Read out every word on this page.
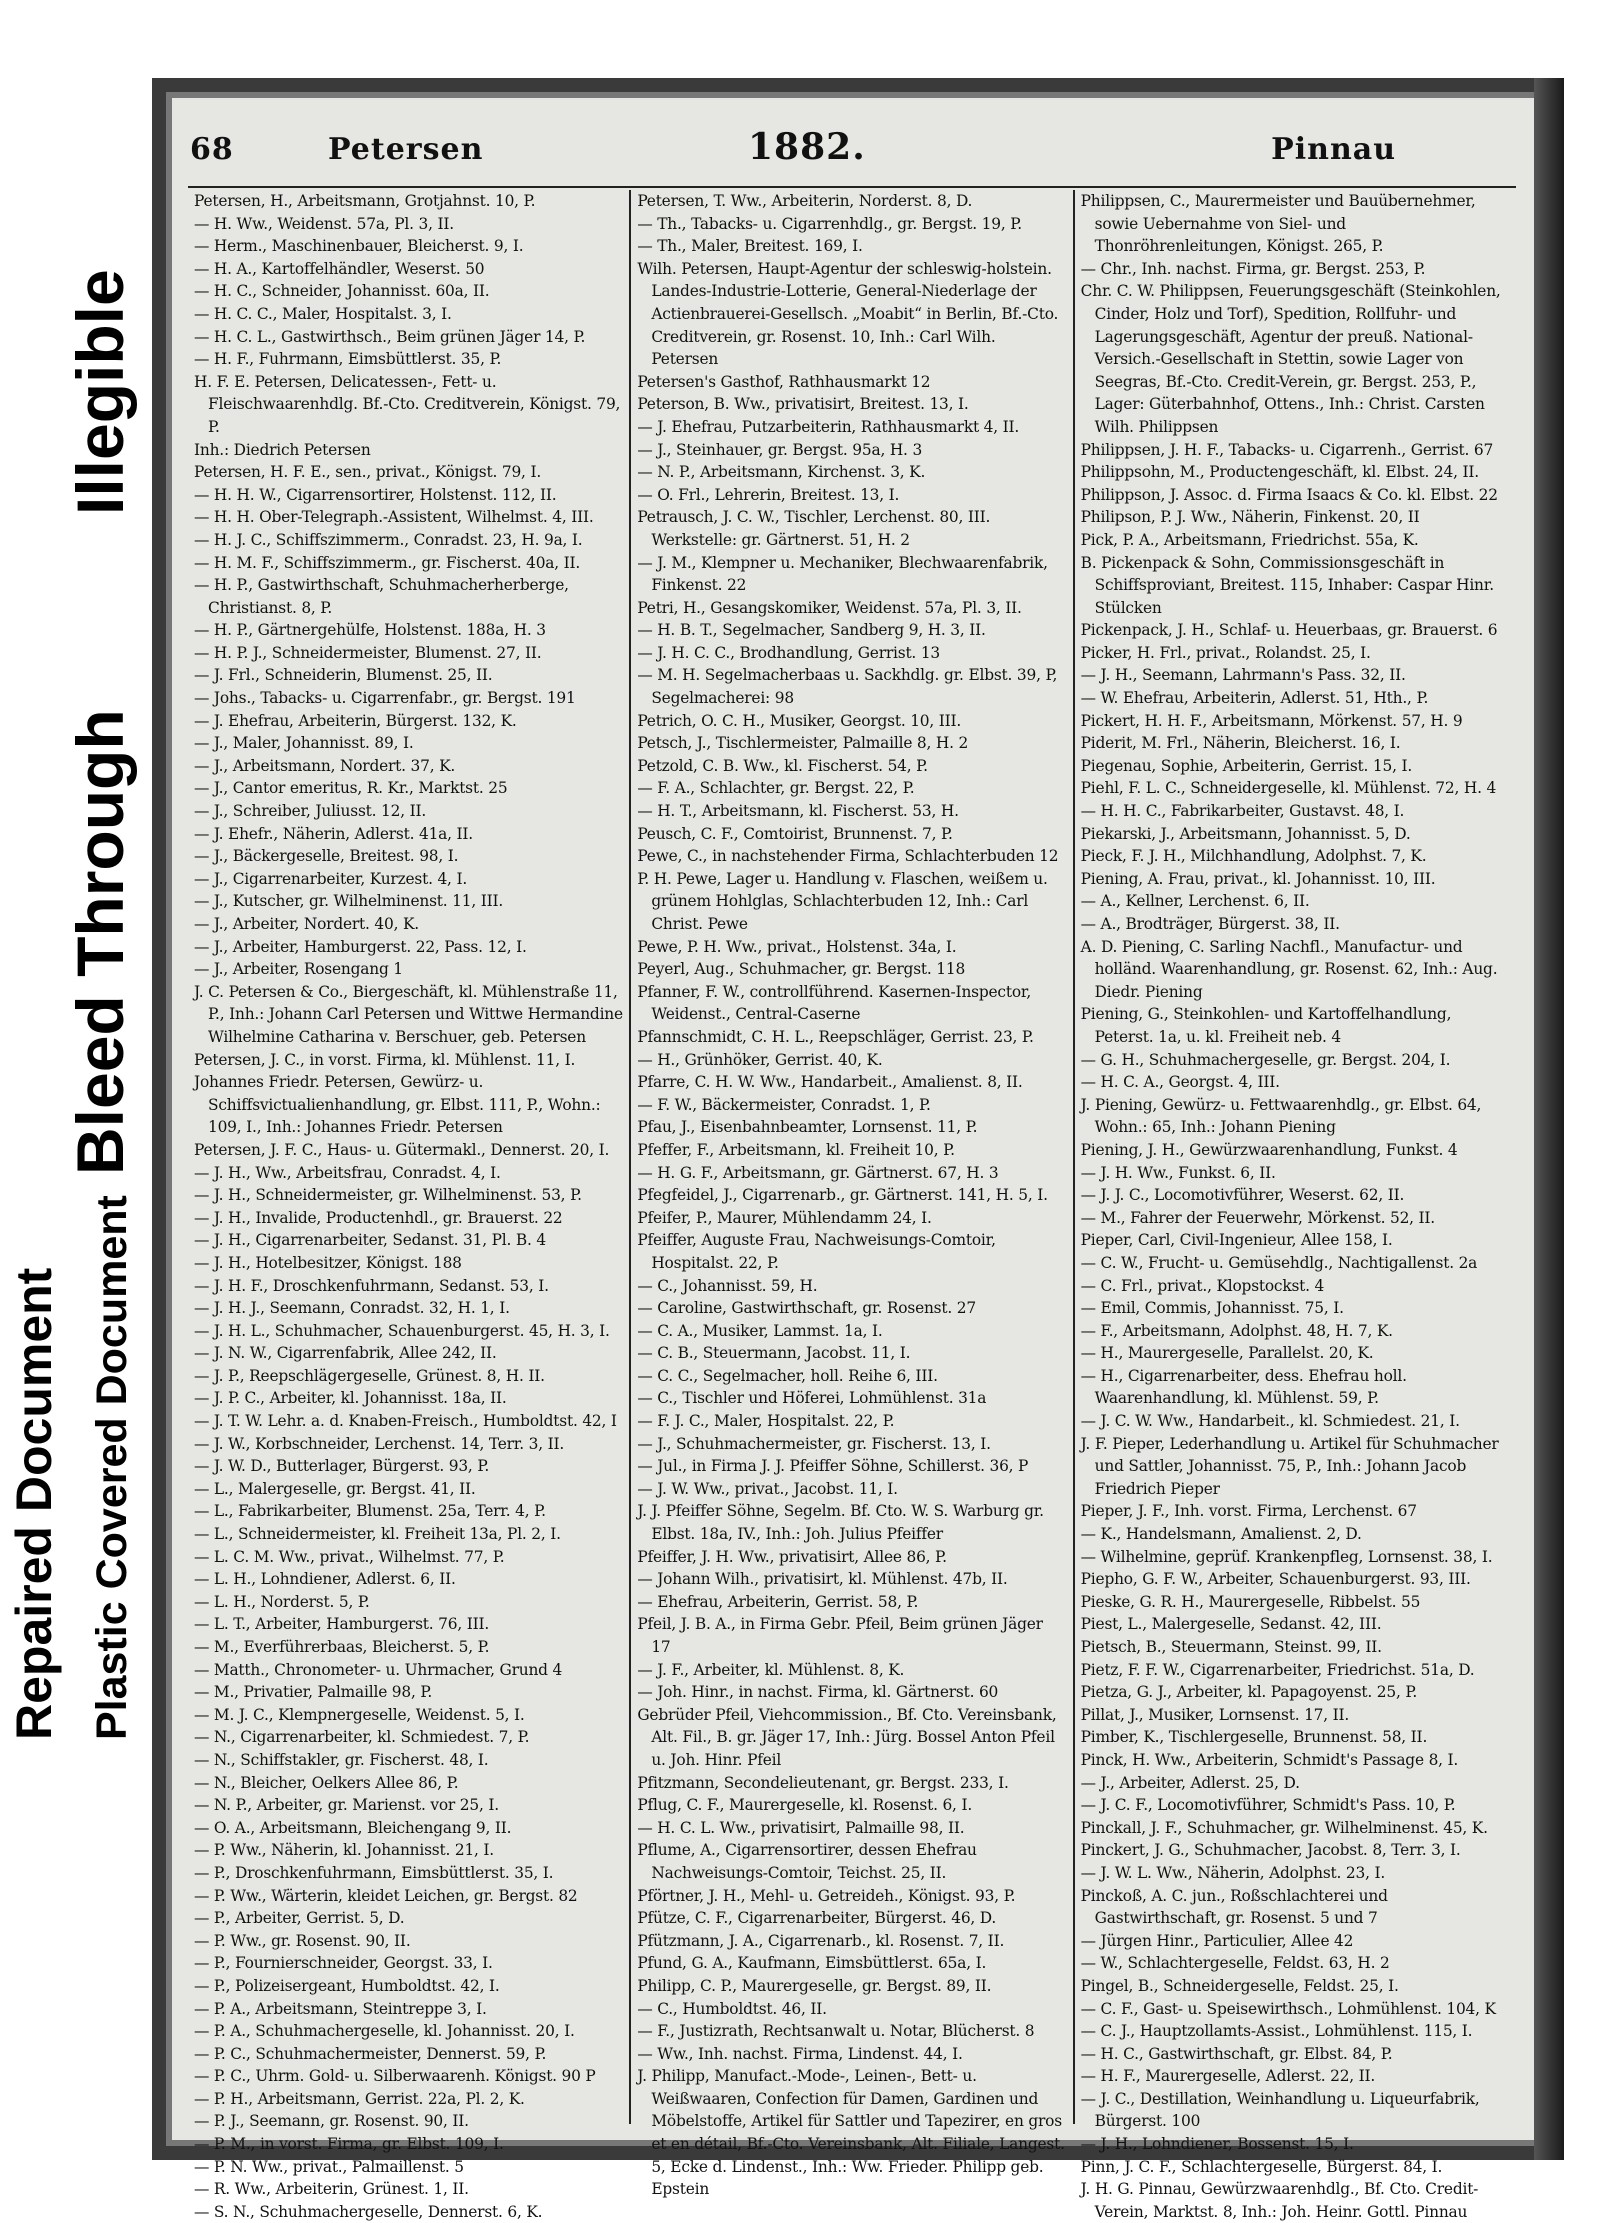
Bleed Through
Repaired Document Plastic Covered Document
Illegible
68	Petersen	1882.	Pinnau

Petersen, H., Arbeitsmann, Grotjahnst. 10, P.

— H. Ww., Weidenst. 57a, Pl. 3, II.

— Herm., Maschinenbauer, Bleicherst. 9, I.

— H. A., Kartoffelhändler, Weserst. 50

— H. C., Schneider, Johannisst. 60a, II.

— H. C. C., Maler, Hospitalst. 3, I.

— H. C. L., Gastwirthsch., Beim grünen Jäger 14, P.

— H. F., Fuhrmann, Eimsbüttlerst. 35, P.

H. F. E. Petersen, Delicatessen-, Fett- u. Fleischwaarenhdlg. Bf.-Cto. Creditverein, Königst. 79, P.

Inh.: Diedrich Petersen

Petersen, H. F. E., sen., privat., Königst. 79, I.

— H. H. W., Cigarrensortirer, Holstenst. 112, II.

— H. H. Ober-Telegraph.-Assistent, Wilhelmst. 4, III.

— H. J. C., Schiffszimmerm., Conradst. 23, H. 9a, I.

— H. M. F., Schiffszimmerm., gr. Fischerst. 40a, II.

— H. P., Gastwirthschaft, Schuhmacherherberge, Christianst. 8, P.

— H. P., Gärtnergehülfe, Holstenst. 188a, H. 3

— H. P. J., Schneidermeister, Blumenst. 27, II.

— J. Frl., Schneiderin, Blumenst. 25, II.

— Johs., Tabacks- u. Cigarrenfabr., gr. Bergst. 191

— J. Ehefrau, Arbeiterin, Bürgerst. 132, K.

— J., Maler, Johannisst. 89, I.

— J., Arbeitsmann, Nordert. 37, K.

— J., Cantor emeritus, R. Kr., Marktst. 25

— J., Schreiber, Juliusst. 12, II.

— J. Ehefr., Näherin, Adlerst. 41a, II.

— J., Bäckergeselle, Breitest. 98, I.

— J., Cigarrenarbeiter, Kurzest. 4, I.

— J., Kutscher, gr. Wilhelminenst. 11, III.

— J., Arbeiter, Nordert. 40, K.

— J., Arbeiter, Hamburgerst. 22, Pass. 12, I.

— J., Arbeiter, Rosengang 1

J. C. Petersen & Co., Biergeschäft, kl. Mühlenstraße 11, P., Inh.: Johann Carl Petersen und Wittwe Hermandine Wilhelmine Catharina v. Berschuer, geb. Petersen

Petersen, J. C., in vorst. Firma, kl. Mühlenst. 11, I.

Johannes Friedr. Petersen, Gewürz- u. Schiffsvictualienhandlung, gr. Elbst. 111, P., Wohn.: 109, I., Inh.: Johannes Friedr. Petersen

Petersen, J. F. C., Haus- u. Gütermakl., Dennerst. 20, I.

— J. H., Ww., Arbeitsfrau, Conradst. 4, I.

— J. H., Schneidermeister, gr. Wilhelminenst. 53, P.

— J. H., Invalide, Productenhdl., gr. Brauerst. 22

— J. H., Cigarrenarbeiter, Sedanst. 31, Pl. B. 4

— J. H., Hotelbesitzer, Königst. 188

— J. H. F., Droschkenfuhrmann, Sedanst. 53, I.

— J. H. J., Seemann, Conradst. 32, H. 1, I.

— J. H. L., Schuhmacher, Schauenburgerst. 45, H. 3, I.

— J. N. W., Cigarrenfabrik, Allee 242, II.

— J. P., Reepschlägergeselle, Grünest. 8, H. II.

— J. P. C., Arbeiter, kl. Johannisst. 18a, II.

— J. T. W. Lehr. a. d. Knaben-Freisch., Humboldtst. 42, I

— J. W., Korbschneider, Lerchenst. 14, Terr. 3, II.

— J. W. D., Butterlager, Bürgerst. 93, P.

— L., Malergeselle, gr. Bergst. 41, II.

— L., Fabrikarbeiter, Blumenst. 25a, Terr. 4, P.

— L., Schneidermeister, kl. Freiheit 13a, Pl. 2, I.

— L. C. M. Ww., privat., Wilhelmst. 77, P.

— L. H., Lohndiener, Adlerst. 6, II.

— L. H., Norderst. 5, P.

— L. T., Arbeiter, Hamburgerst. 76, III.

— M., Everführerbaas, Bleicherst. 5, P.

— Matth., Chronometer- u. Uhrmacher, Grund 4

— M., Privatier, Palmaille 98, P.

— M. J. C., Klempnergeselle, Weidenst. 5, I.

— N., Cigarrenarbeiter, kl. Schmiedest. 7, P.

— N., Schiffstakler, gr. Fischerst. 48, I.

— N., Bleicher, Oelkers Allee 86, P.

— N. P., Arbeiter, gr. Marienst. vor 25, I.

— O. A., Arbeitsmann, Bleichengang 9, II.

— P. Ww., Näherin, kl. Johannisst. 21, I.

— P., Droschkenfuhrmann, Eimsbüttlerst. 35, I.

— P. Ww., Wärterin, kleidet Leichen, gr. Bergst. 82

— P., Arbeiter, Gerrist. 5, D.

— P. Ww., gr. Rosenst. 90, II.

— P., Fournierschneider, Georgst. 33, I.

— P., Polizeisergeant, Humboldtst. 42, I.

— P. A., Arbeitsmann, Steintreppe 3, I.

— P. A., Schuhmachergeselle, kl. Johannisst. 20, I.

— P. C., Schuhmachermeister, Dennerst. 59, P.

— P. C., Uhrm. Gold- u. Silberwaarenh. Königst. 90 P

— P. H., Arbeitsmann, Gerrist. 22a, Pl. 2, K.

— P. J., Seemann, gr. Rosenst. 90, II.

— P. M., in vorst. Firma, gr. Elbst. 109, I.

— P. N. Ww., privat., Palmaillenst. 5

— R. Ww., Arbeiterin, Grünest. 1, II.

— S. N., Schuhmachergeselle, Dennerst. 6, K.

Petersen, T. Ww., Arbeiterin, Norderst. 8, D.

— Th., Tabacks- u. Cigarrenhdlg., gr. Bergst. 19, P.

— Th., Maler, Breitest. 169, I.

Wilh. Petersen, Haupt-Agentur der schleswig-holstein. Landes-Industrie-Lotterie, General-Niederlage der Actienbrauerei-Gesellsch. „Moabit“ in Berlin, Bf.-Cto. Creditverein, gr. Rosenst. 10, Inh.: Carl Wilh. Petersen

Petersen's Gasthof, Rathhausmarkt 12

Peterson, B. Ww., privatisirt, Breitest. 13, I.

— J. Ehefrau, Putzarbeiterin, Rathhausmarkt 4, II.

— J., Steinhauer, gr. Bergst. 95a, H. 3

— N. P., Arbeitsmann, Kirchenst. 3, K.

— O. Frl., Lehrerin, Breitest. 13, I.

Petrausch, J. C. W., Tischler, Lerchenst. 80, III. Werkstelle: gr. Gärtnerst. 51, H. 2

— J. M., Klempner u. Mechaniker, Blechwaarenfabrik, Finkenst. 22

Petri, H., Gesangskomiker, Weidenst. 57a, Pl. 3, II.

— H. B. T., Segelmacher, Sandberg 9, H. 3, II.

— J. H. C. C., Brodhandlung, Gerrist. 13

— M. H. Segelmacherbaas u. Sackhdlg. gr. Elbst. 39, P, Segelmacherei: 98

Petrich, O. C. H., Musiker, Georgst. 10, III.

Petsch, J., Tischlermeister, Palmaille 8, H. 2

Petzold, C. B. Ww., kl. Fischerst. 54, P.

— F. A., Schlachter, gr. Bergst. 22, P.

— H. T., Arbeitsmann, kl. Fischerst. 53, H.

Peusch, C. F., Comtoirist, Brunnenst. 7, P.

Pewe, C., in nachstehender Firma, Schlachterbuden 12

P. H. Pewe, Lager u. Handlung v. Flaschen, weißem u. grünem Hohlglas, Schlachterbuden 12, Inh.: Carl Christ. Pewe

Pewe, P. H. Ww., privat., Holstenst. 34a, I.

Peyerl, Aug., Schuhmacher, gr. Bergst. 118

Pfanner, F. W., controllführend. Kasernen-Inspector, Weidenst., Central-Caserne

Pfannschmidt, C. H. L., Reepschläger, Gerrist. 23, P.

— H., Grünhöker, Gerrist. 40, K.

Pfarre, C. H. W. Ww., Handarbeit., Amalienst. 8, II.

— F. W., Bäckermeister, Conradst. 1, P.

Pfau, J., Eisenbahnbeamter, Lornsenst. 11, P.

Pfeffer, F., Arbeitsmann, kl. Freiheit 10, P.

— H. G. F., Arbeitsmann, gr. Gärtnerst. 67, H. 3

Pfegfeidel, J., Cigarrenarb., gr. Gärtnerst. 141, H. 5, I.

Pfeifer, P., Maurer, Mühlendamm 24, I.

Pfeiffer, Auguste Frau, Nachweisungs-Comtoir, Hospitalst. 22, P.

— C., Johannisst. 59, H.

— Caroline, Gastwirthschaft, gr. Rosenst. 27

— C. A., Musiker, Lammst. 1a, I.

— C. B., Steuermann, Jacobst. 11, I.

— C. C., Segelmacher, holl. Reihe 6, III.

— C., Tischler und Höferei, Lohmühlenst. 31a

— F. J. C., Maler, Hospitalst. 22, P.

— J., Schuhmachermeister, gr. Fischerst. 13, I.

— Jul., in Firma J. J. Pfeiffer Söhne, Schillerst. 36, P

— J. W. Ww., privat., Jacobst. 11, I.

J. J. Pfeiffer Söhne, Segelm. Bf. Cto. W. S. Warburg gr. Elbst. 18a, IV., Inh.: Joh. Julius Pfeiffer

Pfeiffer, J. H. Ww., privatisirt, Allee 86, P.

— Johann Wilh., privatisirt, kl. Mühlenst. 47b, II.

— Ehefrau, Arbeiterin, Gerrist. 58, P.

Pfeil, J. B. A., in Firma Gebr. Pfeil, Beim grünen Jäger 17

— J. F., Arbeiter, kl. Mühlenst. 8, K.

— Joh. Hinr., in nachst. Firma, kl. Gärtnerst. 60

Gebrüder Pfeil, Viehcommission., Bf. Cto. Vereinsbank, Alt. Fil., B. gr. Jäger 17, Inh.: Jürg. Bossel Anton Pfeil u. Joh. Hinr. Pfeil

Pfitzmann, Secondelieutenant, gr. Bergst. 233, I.

Pflug, C. F., Maurergeselle, kl. Rosenst. 6, I.

— H. C. L. Ww., privatisirt, Palmaille 98, II.

Pflume, A., Cigarrensortirer, dessen Ehefrau Nachweisungs-Comtoir, Teichst. 25, II.

Pförtner, J. H., Mehl- u. Getreideh., Königst. 93, P.

Pfütze, C. F., Cigarrenarbeiter, Bürgerst. 46, D.

Pfützmann, J. A., Cigarrenarb., kl. Rosenst. 7, II.

Pfund, G. A., Kaufmann, Eimsbüttlerst. 65a, I.

Philipp, C. P., Maurergeselle, gr. Bergst. 89, II.

— C., Humboldtst. 46, II.

— F., Justizrath, Rechtsanwalt u. Notar, Blücherst. 8

— Ww., Inh. nachst. Firma, Lindenst. 44, I.

J. Philipp, Manufact.-Mode-, Leinen-, Bett- u. Weißwaaren, Confection für Damen, Gardinen und Möbelstoffe, Artikel für Sattler und Tapezirer, en gros et en détail, Bf.-Cto. Vereinsbank, Alt. Filiale, Langest. 5, Ecke d. Lindenst., Inh.: Ww. Frieder. Philipp geb. Epstein

Philippsen, C., Maurermeister und Bauübernehmer, sowie Uebernahme von Siel- und Thonröhrenleitungen, Königst. 265, P.

— Chr., Inh. nachst. Firma, gr. Bergst. 253, P.

Chr. C. W. Philippsen, Feuerungsgeschäft (Steinkohlen, Cinder, Holz und Torf), Spedition, Rollfuhr- und Lagerungsgeschäft, Agentur der preuß. National-Versich.-Gesellschaft in Stettin, sowie Lager von Seegras, Bf.-Cto. Credit-Verein, gr. Bergst. 253, P., Lager: Güterbahnhof, Ottens., Inh.: Christ. Carsten Wilh. Philippsen

Philippsen, J. H. F., Tabacks- u. Cigarrenh., Gerrist. 67

Philippsohn, M., Productengeschäft, kl. Elbst. 24, II.

Philippson, J. Assoc. d. Firma Isaacs & Co. kl. Elbst. 22

Philipson, P. J. Ww., Näherin, Finkenst. 20, II

Pick, P. A., Arbeitsmann, Friedrichst. 55a, K.

B. Pickenpack & Sohn, Commissionsgeschäft in Schiffsproviant, Breitest. 115, Inhaber: Caspar Hinr. Stülcken

Pickenpack, J. H., Schlaf- u. Heuerbaas, gr. Brauerst. 6

Picker, H. Frl., privat., Rolandst. 25, I.

— J. H., Seemann, Lahrmann's Pass. 32, II.

— W. Ehefrau, Arbeiterin, Adlerst. 51, Hth., P.

Pickert, H. H. F., Arbeitsmann, Mörkenst. 57, H. 9

Piderit, M. Frl., Näherin, Bleicherst. 16, I.

Piegenau, Sophie, Arbeiterin, Gerrist. 15, I.

Piehl, F. L. C., Schneidergeselle, kl. Mühlenst. 72, H. 4

— H. H. C., Fabrikarbeiter, Gustavst. 48, I.

Piekarski, J., Arbeitsmann, Johannisst. 5, D.

Pieck, F. J. H., Milchhandlung, Adolphst. 7, K.

Piening, A. Frau, privat., kl. Johannisst. 10, III.

— A., Kellner, Lerchenst. 6, II.

— A., Brodträger, Bürgerst. 38, II.

A. D. Piening, C. Sarling Nachfl., Manufactur- und holländ. Waarenhandlung, gr. Rosenst. 62, Inh.: Aug. Diedr. Piening

Piening, G., Steinkohlen- und Kartoffelhandlung, Peterst. 1a, u. kl. Freiheit neb. 4

— G. H., Schuhmachergeselle, gr. Bergst. 204, I.

— H. C. A., Georgst. 4, III.

J. Piening, Gewürz- u. Fettwaarenhdlg., gr. Elbst. 64, Wohn.: 65, Inh.: Johann Piening

Piening, J. H., Gewürzwaarenhandlung, Funkst. 4

— J. H. Ww., Funkst. 6, II.

— J. J. C., Locomotivführer, Weserst. 62, II.

— M., Fahrer der Feuerwehr, Mörkenst. 52, II.

Pieper, Carl, Civil-Ingenieur, Allee 158, I.

— C. W., Frucht- u. Gemüsehdlg., Nachtigallenst. 2a

— C. Frl., privat., Klopstockst. 4

— Emil, Commis, Johannisst. 75, I.

— F., Arbeitsmann, Adolphst. 48, H. 7, K.

— H., Maurergeselle, Parallelst. 20, K.

— H., Cigarrenarbeiter, dess. Ehefrau holl. Waarenhandlung, kl. Mühlenst. 59, P.

— J. C. W. Ww., Handarbeit., kl. Schmiedest. 21, I.

J. F. Pieper, Lederhandlung u. Artikel für Schuhmacher und Sattler, Johannisst. 75, P., Inh.: Johann Jacob Friedrich Pieper

Pieper, J. F., Inh. vorst. Firma, Lerchenst. 67

— K., Handelsmann, Amalienst. 2, D.

— Wilhelmine, geprüf. Krankenpfleg, Lornsenst. 38, I.

Piepho, G. F. W., Arbeiter, Schauenburgerst. 93, III.

Pieske, G. R. H., Maurergeselle, Ribbelst. 55

Piest, L., Malergeselle, Sedanst. 42, III.

Pietsch, B., Steuermann, Steinst. 99, II.

Pietz, F. F. W., Cigarrenarbeiter, Friedrichst. 51a, D.

Pietza, G. J., Arbeiter, kl. Papagoyenst. 25, P.

Pillat, J., Musiker, Lornsenst. 17, II.

Pimber, K., Tischlergeselle, Brunnenst. 58, II.

Pinck, H. Ww., Arbeiterin, Schmidt's Passage 8, I.

— J., Arbeiter, Adlerst. 25, D.

— J. C. F., Locomotivführer, Schmidt's Pass. 10, P.

Pinckall, J. F., Schuhmacher, gr. Wilhelminenst. 45, K.

Pinckert, J. G., Schuhmacher, Jacobst. 8, Terr. 3, I.

— J. W. L. Ww., Näherin, Adolphst. 23, I.

Pinckoß, A. C. jun., Roßschlachterei und Gastwirthschaft, gr. Rosenst. 5 und 7

— Jürgen Hinr., Particulier, Allee 42

— W., Schlachtergeselle, Feldst. 63, H. 2

Pingel, B., Schneidergeselle, Feldst. 25, I.

— C. F., Gast- u. Speisewirthsch., Lohmühlenst. 104, K

— C. J., Hauptzollamts-Assist., Lohmühlenst. 115, I.

— H. C., Gastwirthschaft, gr. Elbst. 84, P.

— H. F., Maurergeselle, Adlerst. 22, II.

— J. C., Destillation, Weinhandlung u. Liqueurfabrik, Bürgerst. 100

— J. H., Lohndiener, Bossenst. 15, I.

Pinn, J. C. F., Schlachtergeselle, Bürgerst. 84, I.

J. H. G. Pinnau, Gewürzwaarenhdlg., Bf. Cto. Credit-Verein, Marktst. 8, Inh.: Joh. Heinr. Gottl. Pinnau
